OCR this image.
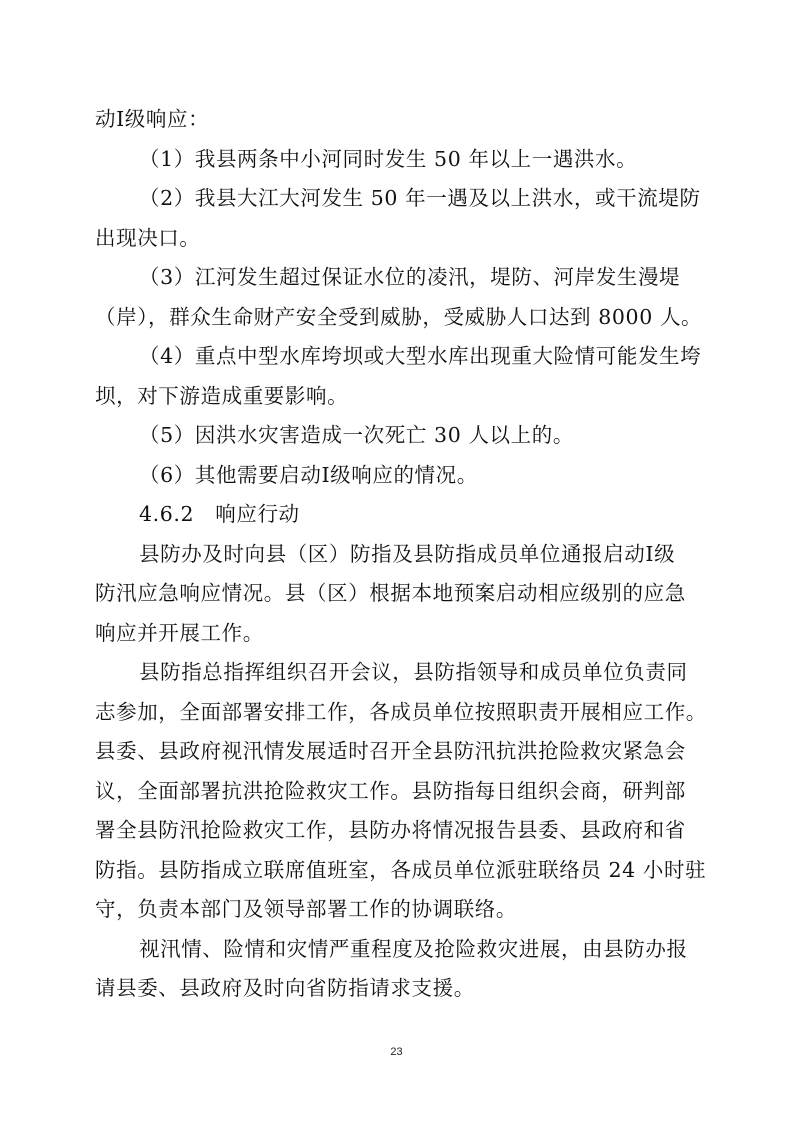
动Ⅰ级响应：
（1）我县两条中小河同时发生 50 年以上一遇洪水。
（2）我县大江大河发生 50 年一遇及以上洪水，或干流堤防
出现决口。
（3）江河发生超过保证水位的凌汛，堤防、河岸发生漫堤
（岸），群众生命财产安全受到威胁，受威胁人口达到 8000 人。
（4）重点中型水库垮坝或大型水库出现重大险情可能发生垮
坝，对下游造成重要影响。
（5）因洪水灾害造成一次死亡 30 人以上的。
（6）其他需要启动Ⅰ级响应的情况。
4.6.2　响应行动
县防办及时向县（区）防指及县防指成员单位通报启动Ⅰ级
防汛应急响应情况。县（区）根据本地预案启动相应级别的应急
响应并开展工作。
县防指总指挥组织召开会议，县防指领导和成员单位负责同
志参加，全面部署安排工作，各成员单位按照职责开展相应工作。
县委、县政府视汛情发展适时召开全县防汛抗洪抢险救灾紧急会
议，全面部署抗洪抢险救灾工作。县防指每日组织会商，研判部
署全县防汛抢险救灾工作，县防办将情况报告县委、县政府和省
防指。县防指成立联席值班室，各成员单位派驻联络员 24 小时驻
守，负责本部门及领导部署工作的协调联络。
视汛情、险情和灾情严重程度及抢险救灾进展，由县防办报
请县委、县政府及时向省防指请求支援。
23
